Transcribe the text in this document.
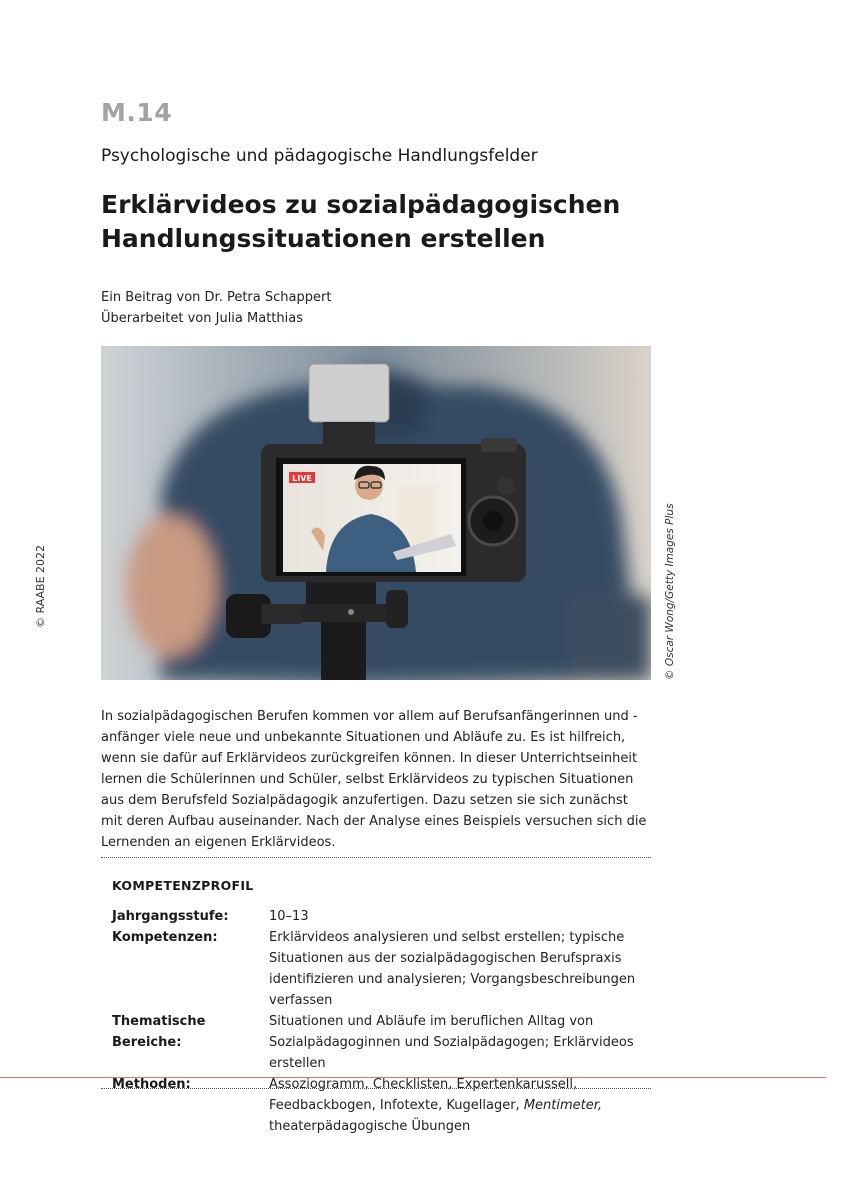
M.14
Psychologische und pädagogische Handlungsfelder
Erklärvideos zu sozialpädagogischen Handlungssituationen erstellen
Ein Beitrag von Dr. Petra Schappert
Überarbeitet von Julia Matthias
LIVE
© RAABE 2022	© Oscar Wong/Getty Images Plus

In sozialpädagogischen Berufen kommen vor allem auf Berufsanfängerinnen und -anfänger viele neue und unbekannte Situationen und Abläufe zu. Es ist hilfreich, wenn sie dafür auf Erklärvideos zurückgreifen können. In dieser Unterrichtseinheit lernen die Schülerinnen und Schüler, selbst Erklärvideos zu typischen Situationen aus dem Berufsfeld Sozialpädagogik anzufertigen. Dazu setzen sie sich zunächst mit deren Aufbau auseinander. Nach der Analyse eines Beispiels versuchen sich die Lernenden an eigenen Erklärvideos.

KOMPETENZPROFIL
Jahrgangsstufe:	10–13
Kompetenzen:	Erklärvideos analysieren und selbst erstellen; typische Situationen aus der sozialpädagogischen Berufspraxis identifizieren und analysieren; Vorgangsbeschreibungen verfassen
Thematische Bereiche:
Situationen und Abläufe im beruflichen Alltag von Sozialpädagoginnen und Sozialpädagogen; Erklärvideos erstellen
Methoden:	Assoziogramm, Checklisten, Expertenkarussell, Feedbackbogen, Infotexte, Kugellager, Mentimeter, theaterpädagogische Übungen
